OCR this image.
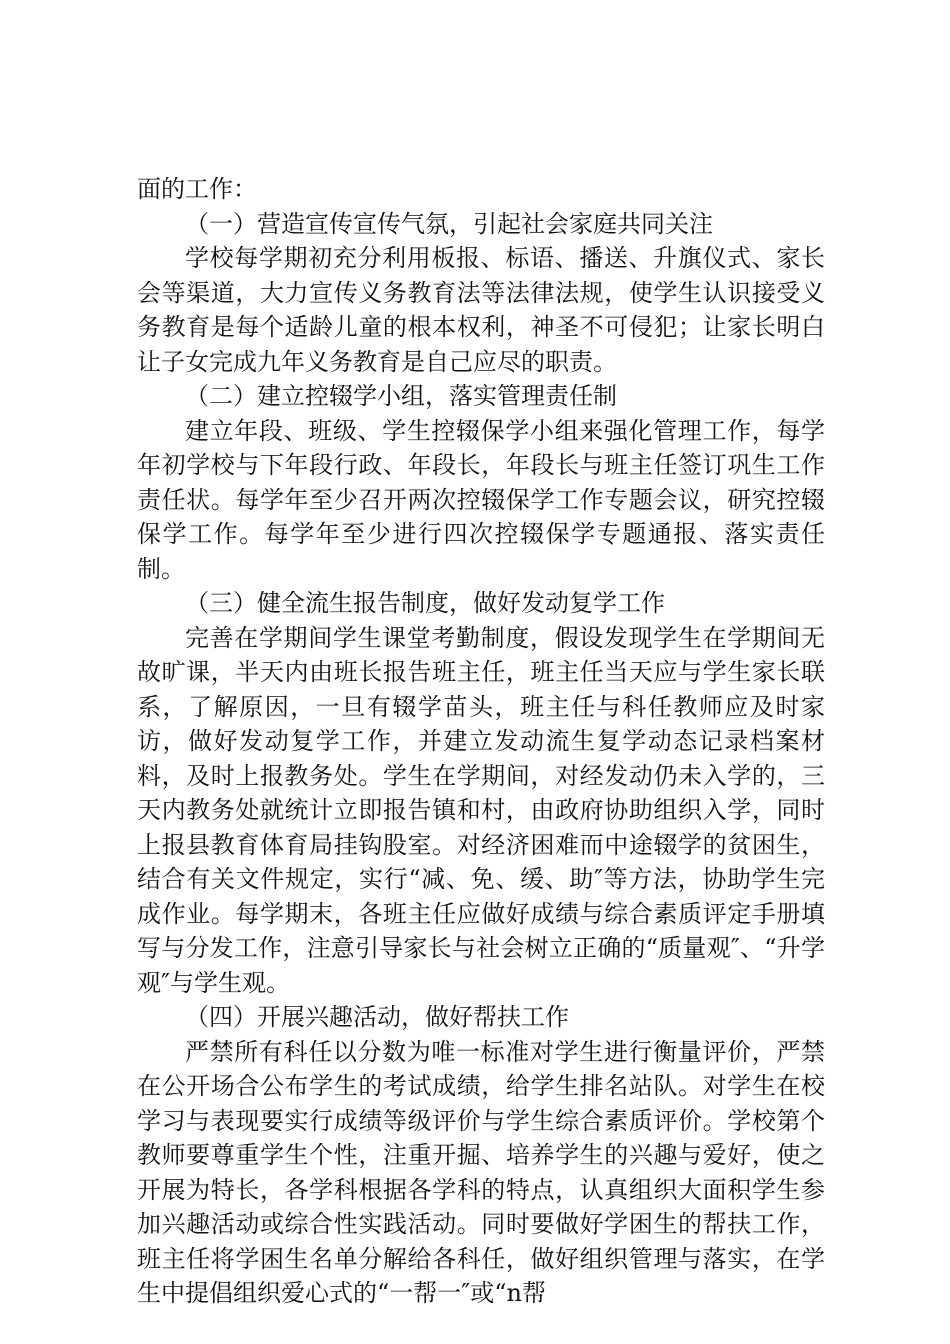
面的工作：

（一）营造宣传宣传气氛，引起社会家庭共同关注

学校每学期初充分利用板报、标语、播送、升旗仪式、家长会等渠道，大力宣传义务教育法等法律法规，使学生认识接受义务教育是每个适龄儿童的根本权利，神圣不可侵犯；让家长明白让子女完成九年义务教育是自己应尽的职责。

（二）建立控辍学小组，落实管理责任制

建立年段、班级、学生控辍保学小组来强化管理工作，每学年初学校与下年段行政、年段长，年段长与班主任签订巩生工作责任状。每学年至少召开两次控辍保学工作专题会议，研究控辍保学工作。每学年至少进行四次控辍保学专题通报、落实责任制。

（三）健全流生报告制度，做好发动复学工作

完善在学期间学生课堂考勤制度，假设发现学生在学期间无故旷课，半天内由班长报告班主任，班主任当天应与学生家长联系，了解原因，一旦有辍学苗头，班主任与科任教师应及时家访，做好发动复学工作，并建立发动流生复学动态记录档案材料，及时上报教务处。学生在学期间，对经发动仍未入学的，三天内教务处就统计立即报告镇和村，由政府协助组织入学，同时上报县教育体育局挂钩股室。对经济困难而中途辍学的贫困生，结合有关文件规定，实行“减、免、缓、助″等方法，协助学生完成作业。每学期末，各班主任应做好成绩与综合素质评定手册填写与分发工作，注意引导家长与社会树立正确的“质量观″、“升学观″与学生观。

（四）开展兴趣活动，做好帮扶工作

严禁所有科任以分数为唯一标准对学生进行衡量评价，严禁在公开场合公布学生的考试成绩，给学生排名站队。对学生在校学习与表现要实行成绩等级评价与学生综合素质评价。学校第个教师要尊重学生个性，注重开掘、培养学生的兴趣与爱好，使之开展为特长，各学科根据各学科的特点，认真组织大面积学生参加兴趣活动或综合性实践活动。同时要做好学困生的帮扶工作，班主任将学困生名单分解给各科任，做好组织管理与落实，在学生中提倡组织爱心式的“一帮一″或“n帮
